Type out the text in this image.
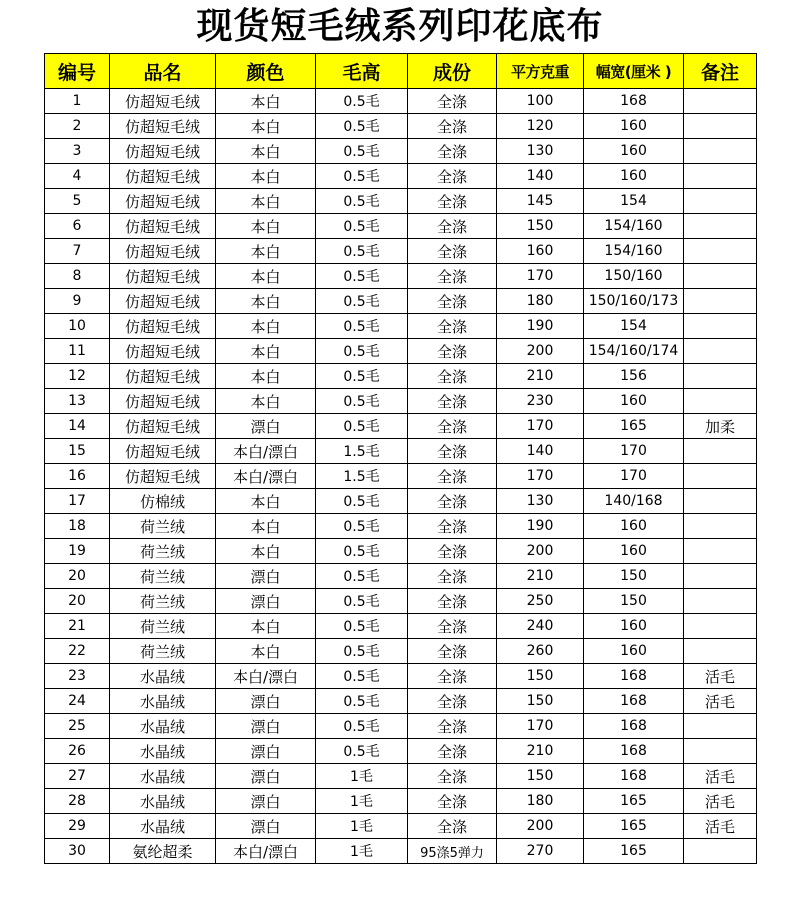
现货短毛绒系列印花底布
编号	品名	颜色	毛高	成份	平方克重	幅宽(厘米 )	备注
1	仿超短毛绒	本白	0.5毛	全涤	100	168	
2	仿超短毛绒	本白	0.5毛	全涤	120	160	
3	仿超短毛绒	本白	0.5毛	全涤	130	160	
4	仿超短毛绒	本白	0.5毛	全涤	140	160	
5	仿超短毛绒	本白	0.5毛	全涤	145	154	
6	仿超短毛绒	本白	0.5毛	全涤	150	154/160	
7	仿超短毛绒	本白	0.5毛	全涤	160	154/160	
8	仿超短毛绒	本白	0.5毛	全涤	170	150/160	
9	仿超短毛绒	本白	0.5毛	全涤	180	150/160/173	
10	仿超短毛绒	本白	0.5毛	全涤	190	154	
11	仿超短毛绒	本白	0.5毛	全涤	200	154/160/174	
12	仿超短毛绒	本白	0.5毛	全涤	210	156	
13	仿超短毛绒	本白	0.5毛	全涤	230	160	
14	仿超短毛绒	漂白	0.5毛	全涤	170	165	加柔
15	仿超短毛绒	本白/漂白	1.5毛	全涤	140	170	
16	仿超短毛绒	本白/漂白	1.5毛	全涤	170	170	
17	仿棉绒	本白	0.5毛	全涤	130	140/168	
18	荷兰绒	本白	0.5毛	全涤	190	160	
19	荷兰绒	本白	0.5毛	全涤	200	160	
20	荷兰绒	漂白	0.5毛	全涤	210	150	
20	荷兰绒	漂白	0.5毛	全涤	250	150	
21	荷兰绒	本白	0.5毛	全涤	240	160	
22	荷兰绒	本白	0.5毛	全涤	260	160	
23	水晶绒	本白/漂白	0.5毛	全涤	150	168	活毛
24	水晶绒	漂白	0.5毛	全涤	150	168	活毛
25	水晶绒	漂白	0.5毛	全涤	170	168	
26	水晶绒	漂白	0.5毛	全涤	210	168	
27	水晶绒	漂白	1毛	全涤	150	168	活毛
28	水晶绒	漂白	1毛	全涤	180	165	活毛
29	水晶绒	漂白	1毛	全涤	200	165	活毛
30	氨纶超柔	本白/漂白	1毛	95涤5弹力	270	165	
